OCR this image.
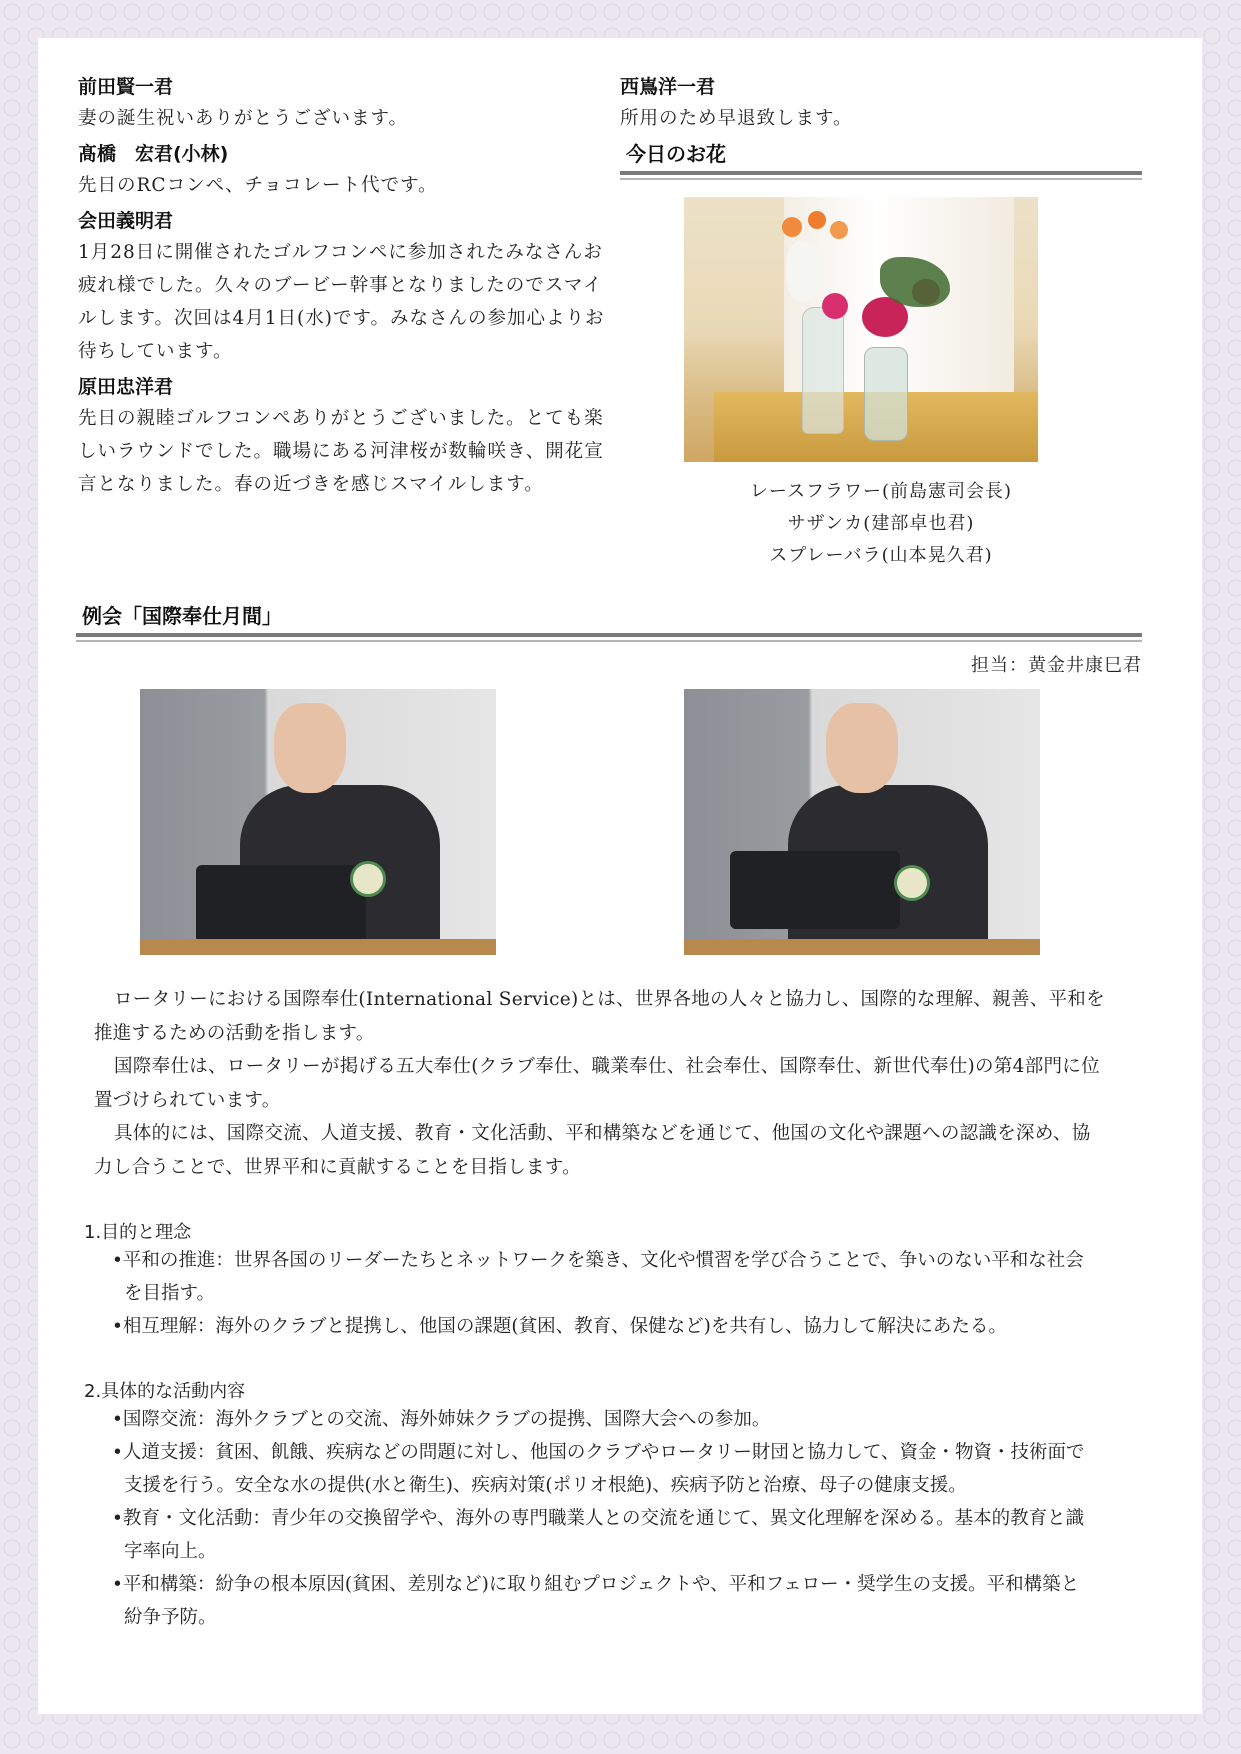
前田賢一君

妻の誕生祝いありがとうございます。

髙橋　宏君(小林)

先日のRCコンペ、チョコレート代です。

会田義明君

1月28日に開催されたゴルフコンペに参加されたみなさんお疲れ様でした。久々のブービー幹事となりましたのでスマイルします。次回は4月1日(水)です。みなさんの参加心よりお待ちしています。

原田忠洋君

先日の親睦ゴルフコンペありがとうございました。とても楽しいラウンドでした。職場にある河津桜が数輪咲き、開花宣言となりました。春の近づきを感じスマイルします。

西嶌洋一君

所用のため早退致します。

今日のお花
レースフラワー(前島憲司会長)
サザンカ(建部卓也君)
スプレーバラ(山本晃久君)
例会「国際奉仕月間」
担当：黄金井康巳君

ロータリーにおける国際奉仕(International Service)とは、世界各地の人々と協力し、国際的な理解、親善、平和を推進するための活動を指します。

国際奉仕は、ロータリーが掲げる五大奉仕(クラブ奉仕、職業奉仕、社会奉仕、国際奉仕、新世代奉仕)の第4部門に位置づけられています。

具体的には、国際交流、人道支援、教育・文化活動、平和構築などを通じて、他国の文化や課題への認識を深め、協力し合うことで、世界平和に貢献することを目指します。

1.目的と理念
•平和の推進：世界各国のリーダーたちとネットワークを築き、文化や慣習を学び合うことで、争いのない平和な社会を目指す。
•相互理解：海外のクラブと提携し、他国の課題(貧困、教育、保健など)を共有し、協力して解決にあたる。
2.具体的な活動内容
•国際交流：海外クラブとの交流、海外姉妹クラブの提携、国際大会への参加。
•人道支援：貧困、飢餓、疾病などの問題に対し、他国のクラブやロータリー財団と協力して、資金・物資・技術面で支援を行う。安全な水の提供(水と衛生)、疾病対策(ポリオ根絶)、疾病予防と治療、母子の健康支援。
•教育・文化活動：青少年の交換留学や、海外の専門職業人との交流を通じて、異文化理解を深める。基本的教育と識字率向上。
•平和構築：紛争の根本原因(貧困、差別など)に取り組むプロジェクトや、平和フェロー・奨学生の支援。平和構築と紛争予防。
